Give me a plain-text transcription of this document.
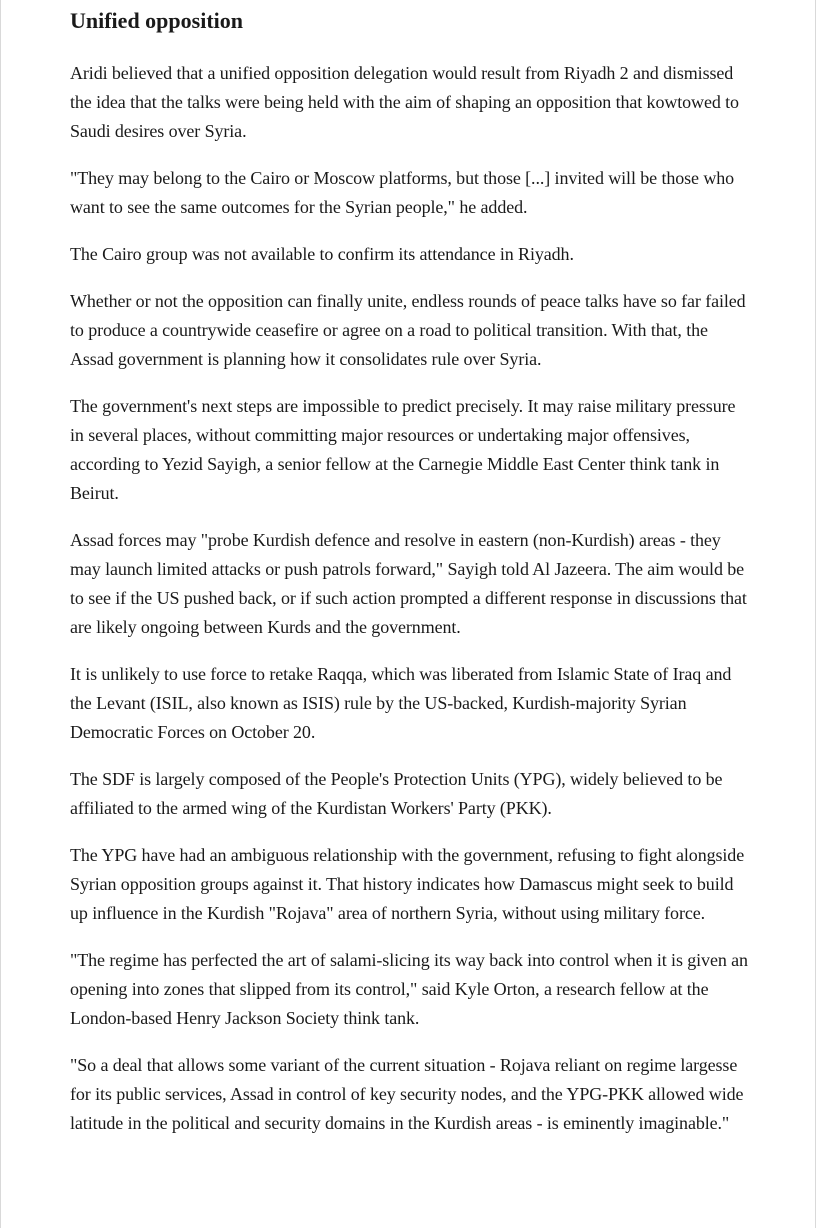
Unified opposition

Aridi believed that a unified opposition delegation would result from Riyadh 2 and dismissed the idea that the talks were being held with the aim of shaping an opposition that kowtowed to Saudi desires over Syria.

"They may belong to the Cairo or Moscow platforms, but those [...] invited will be those who want to see the same outcomes for the Syrian people," he added.

The Cairo group was not available to confirm its attendance in Riyadh.

Whether or not the opposition can finally unite, endless rounds of peace talks have so far failed to produce a countrywide ceasefire or agree on a road to political transition. With that, the Assad government is planning how it consolidates rule over Syria.

The government's next steps are impossible to predict precisely. It may raise military pressure in several places, without committing major resources or undertaking major offensives, according to Yezid Sayigh, a senior fellow at the Carnegie Middle East Center think tank in Beirut.

Assad forces may "probe Kurdish defence and resolve in eastern (non-Kurdish) areas - they may launch limited attacks or push patrols forward," Sayigh told Al Jazeera. The aim would be to see if the US pushed back, or if such action prompted a different response in discussions that are likely ongoing between Kurds and the government.

It is unlikely to use force to retake Raqqa, which was liberated from Islamic State of Iraq and the Levant (ISIL, also known as ISIS) rule by the US-backed, Kurdish-majority Syrian Democratic Forces on October 20.

The SDF is largely composed of the People's Protection Units (YPG), widely believed to be affiliated to the armed wing of the Kurdistan Workers' Party (PKK).

The YPG have had an ambiguous relationship with the government, refusing to fight alongside Syrian opposition groups against it. That history indicates how Damascus might seek to build up influence in the Kurdish "Rojava" area of northern Syria, without using military force.

"The regime has perfected the art of salami-slicing its way back into control when it is given an opening into zones that slipped from its control," said Kyle Orton, a research fellow at the London-based Henry Jackson Society think tank.

"So a deal that allows some variant of the current situation - Rojava reliant on regime largesse for its public services, Assad in control of key security nodes, and the YPG-PKK allowed wide latitude in the political and security domains in the Kurdish areas - is eminently imaginable."
